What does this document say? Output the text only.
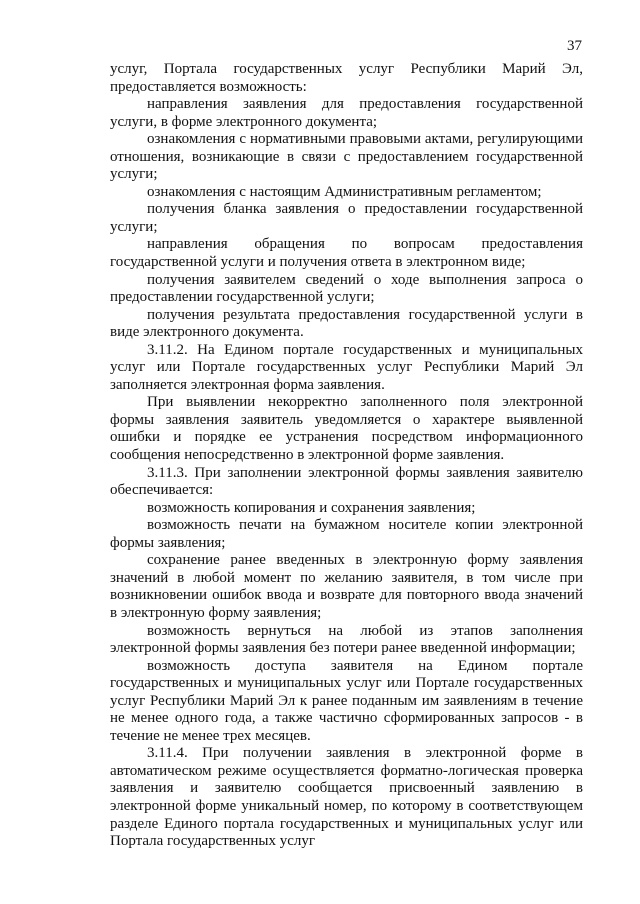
37

услуг, Портала государственных услуг Республики Марий Эл, предоставляется возможность:

направления заявления для предоставления государственной услуги, в форме электронного документа;

ознакомления с нормативными правовыми актами, регулирующими отношения, возникающие в связи с предоставлением государственной услуги;

ознакомления с настоящим Административным регламентом;

получения бланка заявления о предоставлении государственной услуги;

направления обращения по вопросам предоставления государственной услуги и получения ответа в электронном виде;

получения заявителем сведений о ходе выполнения запроса о предоставлении государственной услуги;

получения результата предоставления государственной услуги в виде электронного документа.

3.11.2. На Едином портале государственных и муниципальных услуг или Портале государственных услуг Республики Марий Эл заполняется электронная форма заявления.

При выявлении некорректно заполненного поля электронной формы заявления заявитель уведомляется о характере выявленной ошибки и порядке ее устранения посредством информационного сообщения непосредственно в электронной форме заявления.

3.11.3. При заполнении электронной формы заявления заявителю обеспечивается:

возможность копирования и сохранения заявления;

возможность печати на бумажном носителе копии электронной формы заявления;

сохранение ранее введенных в электронную форму заявления значений в любой момент по желанию заявителя, в том числе при возникновении ошибок ввода и возврате для повторного ввода значений в электронную форму заявления;

возможность вернуться на любой из этапов заполнения электронной формы заявления без потери ранее введенной информации;

возможность доступа заявителя на Едином портале государственных и муниципальных услуг или Портале государственных услуг Республики Марий Эл к ранее поданным им заявлениям в течение не менее одного года, а также частично сформированных запросов - в течение не менее трех месяцев.

3.11.4. При получении заявления в электронной форме в автоматическом режиме осуществляется форматно-логическая проверка заявления и заявителю сообщается присвоенный заявлению в электронной форме уникальный номер, по которому в соответствующем разделе Единого портала государственных и муниципальных услуг или Портала государственных услуг
